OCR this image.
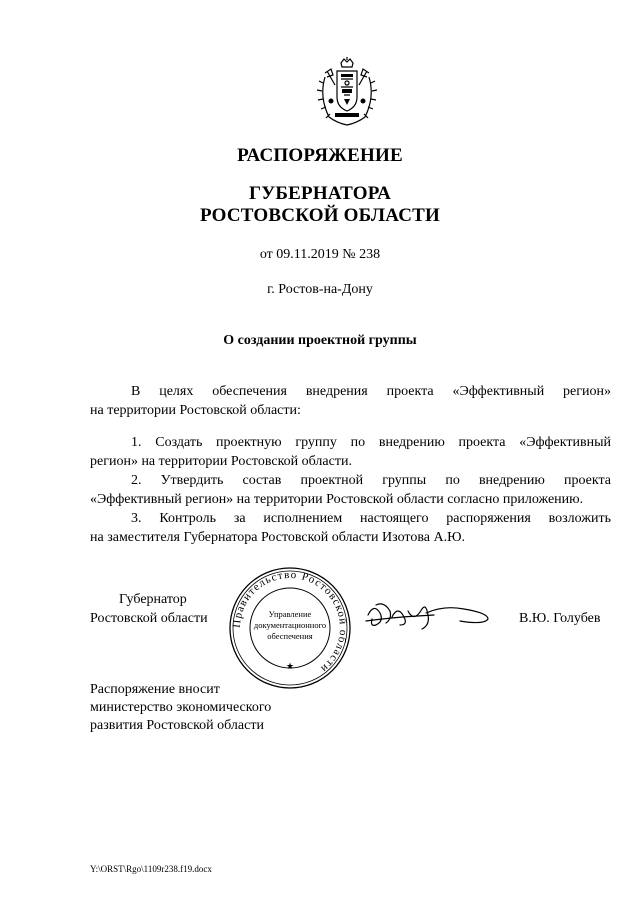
РАСПОРЯЖЕНИЕ
ГУБЕРНАТОРА
РОСТОВСКОЙ ОБЛАСТИ
от 09.11.2019 № 238
г. Ростов-на-Дону
О создании проектной группы
В целях обеспечения внедрения проекта «Эффективный регион»
на территории Ростовской области:
1. Создать проектную группу по внедрению проекта «Эффективный
регион» на территории Ростовской области.
2. Утвердить состав проектной группы по внедрению проекта
«Эффективный регион» на территории Ростовской области согласно приложению.
3. Контроль за исполнением настоящего распоряжения возложить
на заместителя Губернатора Ростовской области Изотова А.Ю.
Губернатор
Ростовской области	В.Ю. Голубев
Правительство Ростовской области
★
Управление
документационного
обеспечения
Распоряжение вносит
министерство экономического
развития Ростовской области
Y:\ORST\Rgo\1109r238.f19.docx
